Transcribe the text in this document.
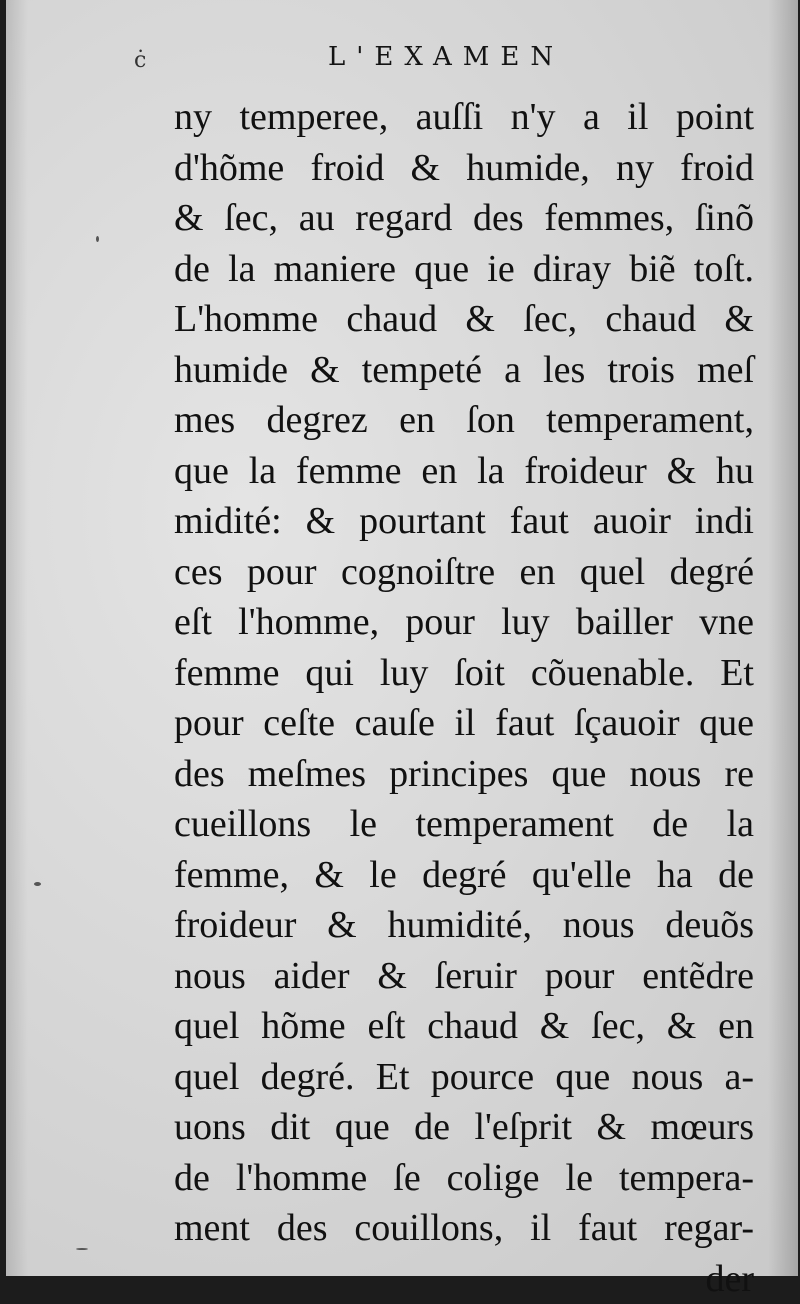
ċ	L'EXAMEN
ny temperee, auſſi n'y a il point
d'hõme froid & humide, ny froid
& ſec, au regard des femmes, ſinõ
de la maniere que ie diray biẽ toſt.
L'homme chaud & ſec, chaud &
humide & tempeté a les trois meſ
mes degrez en ſon temperament,
que la femme en la froideur & hu
midité: & pourtant faut auoir indi
ces pour cognoiſtre en quel degré
eſt l'homme, pour luy bailler vne
femme qui luy ſoit cõuenable. Et
pour ceſte cauſe il faut ſçauoir que
des meſmes principes que nous re
cueillons le temperament de la
femme, & le degré qu'elle ha de
froideur & humidité, nous deuõs
nous aider & ſeruir pour entẽdre
quel hõme eſt chaud & ſec, & en
quel degré. Et pource que nous a-
uons dit que de l'eſprit & mœurs
de l'homme ſe colige le tempera-
ment des couillons, il faut regar-
der
